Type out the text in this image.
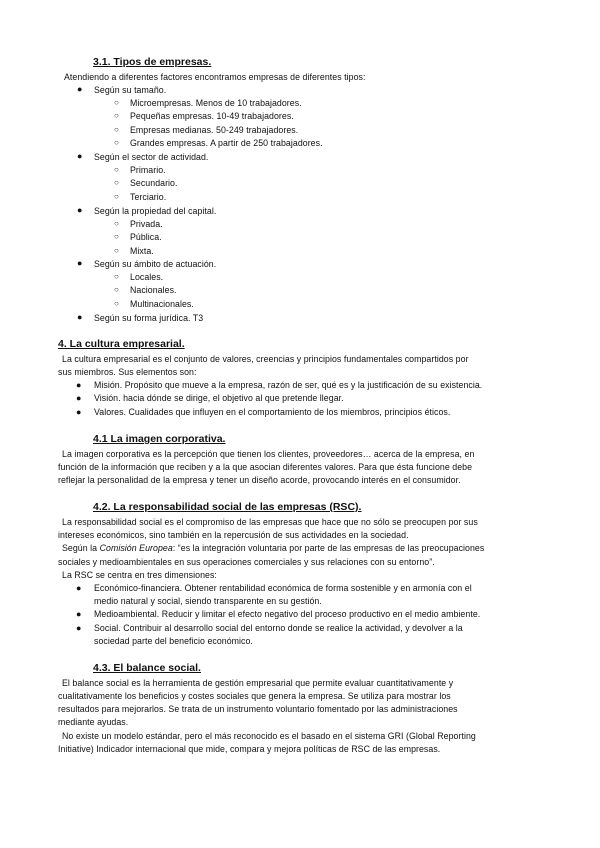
3.1. Tipos de empresas.
Atendiendo a diferentes factores encontramos empresas de diferentes tipos:
● Según su tamaño.
○ Microempresas. Menos de 10 trabajadores.
○ Pequeñas empresas. 10-49 trabajadores.
○ Empresas medianas. 50-249 trabajadores.
○ Grandes empresas. A partir de 250 trabajadores.
● Según el sector de actividad.
○ Primario.
○ Secundario.
○ Terciario.
● Según la propiedad del capital.
○ Privada.
○ Pública.
○ Mixta.
● Según su ámbito de actuación.
○ Locales.
○ Nacionales.
○ Multinacionales.
● Según su forma jurídica. T3
4. La cultura empresarial.
La cultura empresarial es el conjunto de valores, creencias y principios fundamentales compartidos por
sus miembros. Sus elementos son:
● Misión. Propósito que mueve a la empresa, razón de ser, qué es y la justificación de su existencia.
● Visión. hacia dónde se dirige, el objetivo al que pretende llegar.
● Valores. Cualidades que influyen en el comportamiento de los miembros, principios éticos.
4.1 La imagen corporativa.
La imagen corporativa es la percepción que tienen los clientes, proveedores… acerca de la empresa, en
función de la información que reciben y a la que asocian diferentes valores. Para que ésta funcione debe
reflejar la personalidad de la empresa y tener un diseño acorde, provocando interés en el consumidor.
4.2. La responsabilidad social de las empresas (RSC).
La responsabilidad social es el compromiso de las empresas que hace que no sólo se preocupen por sus
intereses económicos, sino también en la repercusión de sus actividades en la sociedad.
Según la Comisión Europea: “es la integración voluntaria por parte de las empresas de las preocupaciones
sociales y medioambientales en sus operaciones comerciales y sus relaciones con su entorno”.
La RSC se centra en tres dimensiones:
● Económico-financiera. Obtener rentabilidad económica de forma sostenible y en armonía con el
medio natural y social, siendo transparente en su gestión.
● Medioambiental. Reducir y limitar el efecto negativo del proceso productivo en el medio ambiente.
● Social. Contribuir al desarrollo social del entorno donde se realice la actividad, y devolver a la
sociedad parte del beneficio económico.
4.3. El balance social.
El balance social es la herramienta de gestión empresarial que permite evaluar cuantitativamente y
cualitativamente los beneficios y costes sociales que genera la empresa. Se utiliza para mostrar los
resultados para mejorarlos. Se trata de un instrumento voluntario fomentado por las administraciones
mediante ayudas.
No existe un modelo estándar, pero el más reconocido es el basado en el sistema GRI (Global Reporting
Initiative) Indicador internacional que mide, compara y mejora políticas de RSC de las empresas.
